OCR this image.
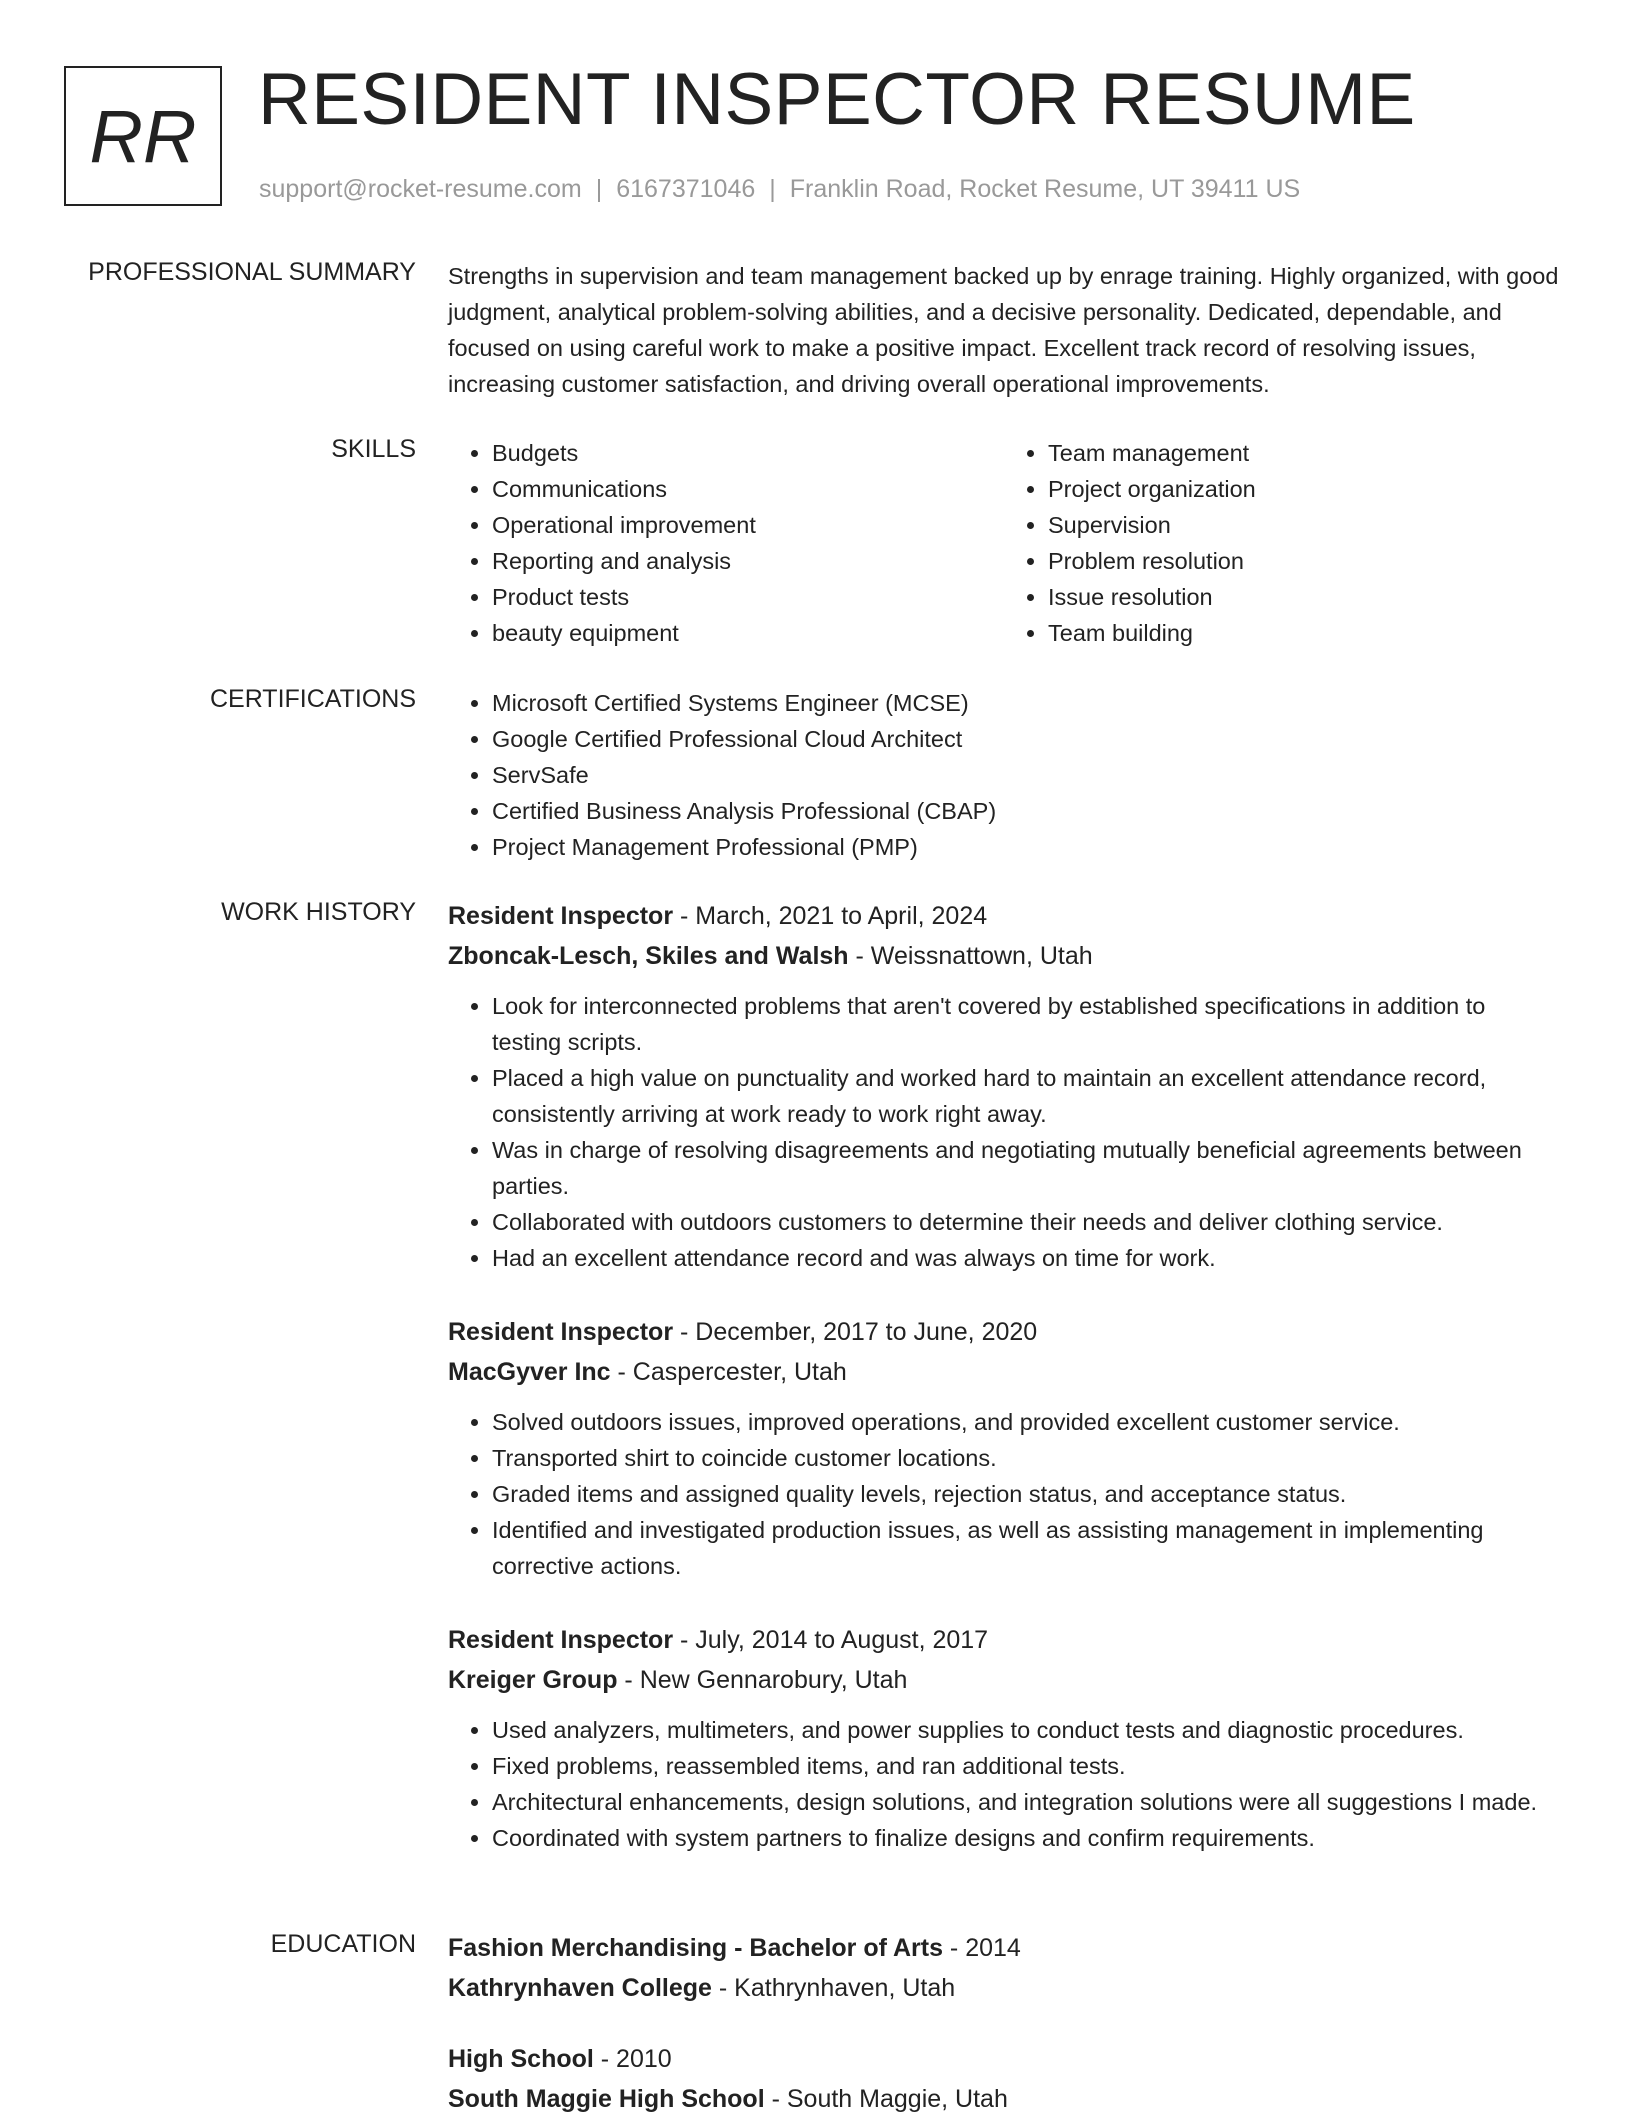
RR RESIDENT INSPECTOR RESUME
support@rocket-resume.com | 6167371046 | Franklin Road, Rocket Resume, UT 39411 US
PROFESSIONAL SUMMARY Strengths in supervision and team management backed up by enrage training. Highly organized, with good judgment, analytical problem-solving abilities, and a decisive personality. Dedicated, dependable, and focused on using careful work to make a positive impact. Excellent track record of resolving issues, increasing customer satisfaction, and driving overall operational improvements.

SKILLS	• Budgets
• Communications
• Operational improvement
• Reporting and analysis
• Product tests
• beauty equipment
• Team management
• Project organization
• Supervision
• Problem resolution
• Issue resolution
• Team building
CERTIFICATIONS	• Microsoft Certified Systems Engineer (MCSE)
• Google Certified Professional Cloud Architect
• ServSafe
• Certified Business Analysis Professional (CBAP)
• Project Management Professional (PMP)
WORK HISTORY Resident Inspector - March, 2021 to April, 2024
Zboncak-Lesch, Skiles and Walsh - Weissnattown, Utah
• Look for interconnected problems that aren't covered by established specifications in addition to testing scripts.
• Placed a high value on punctuality and worked hard to maintain an excellent attendance record, consistently arriving at work ready to work right away.
• Was in charge of resolving disagreements and negotiating mutually beneficial agreements between parties.
• Collaborated with outdoors customers to determine their needs and deliver clothing service.
• Had an excellent attendance record and was always on time for work.
Resident Inspector - December, 2017 to June, 2020
MacGyver Inc - Caspercester, Utah
• Solved outdoors issues, improved operations, and provided excellent customer service.
• Transported shirt to coincide customer locations.
• Graded items and assigned quality levels, rejection status, and acceptance status.
• Identified and investigated production issues, as well as assisting management in implementing corrective actions.
Resident Inspector - July, 2014 to August, 2017
Kreiger Group - New Gennarobury, Utah
• Used analyzers, multimeters, and power supplies to conduct tests and diagnostic procedures.
• Fixed problems, reassembled items, and ran additional tests.
• Architectural enhancements, design solutions, and integration solutions were all suggestions I made.
• Coordinated with system partners to finalize designs and confirm requirements.
EDUCATION Fashion Merchandising - Bachelor of Arts - 2014
Kathrynhaven College - Kathrynhaven, Utah
High School - 2010
South Maggie High School - South Maggie, Utah
